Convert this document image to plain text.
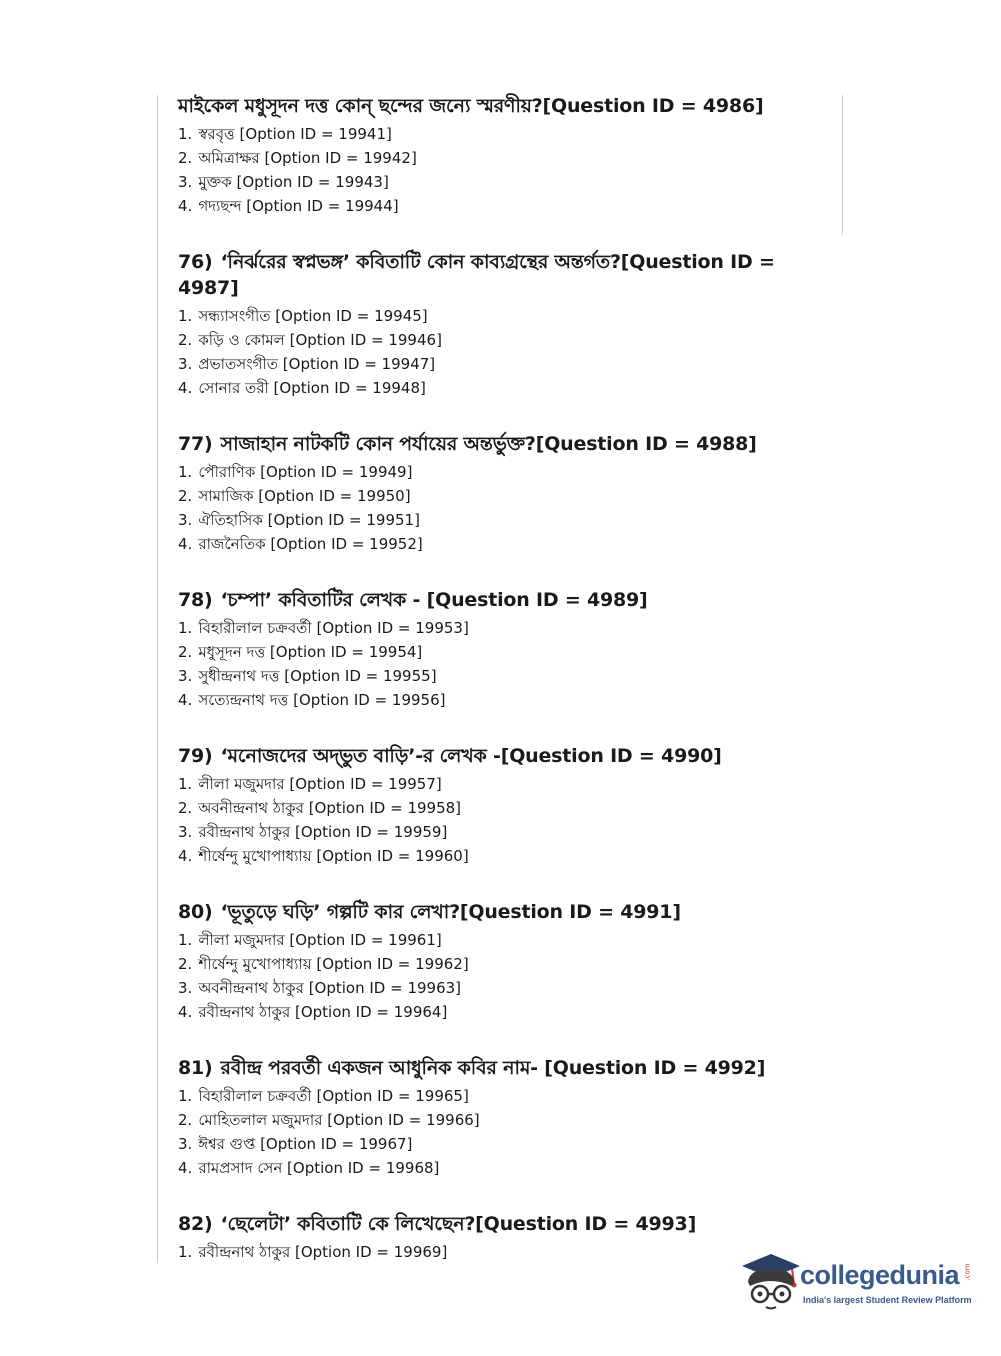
মাইকেল মধুসূদন দত্ত কোন্ ছন্দের জন্যে স্মরণীয়?[Question ID = 4986]

1. স্বরবৃত্ত [Option ID = 19941]

2. অমিত্রাক্ষর [Option ID = 19942]

3. মুক্তক [Option ID = 19943]

4. গদ্যছন্দ [Option ID = 19944]

76) ‘নির্ঝরের স্বপ্নভঙ্গ’ কবিতাটি কোন কাব্যগ্রন্থের অন্তর্গত?[Question ID = 4987]

1. সন্ধ্যাসংগীত [Option ID = 19945]

2. কড়ি ও কোমল [Option ID = 19946]

3. প্রভাতসংগীত [Option ID = 19947]

4. সোনার তরী [Option ID = 19948]

77) সাজাহান নাটকটি কোন পর্যায়ের অন্তর্ভুক্ত?[Question ID = 4988]

1. পৌরাণিক [Option ID = 19949]

2. সামাজিক [Option ID = 19950]

3. ঐতিহাসিক [Option ID = 19951]

4. রাজনৈতিক [Option ID = 19952]

78) ‘চম্পা’ কবিতাটির লেখক - [Question ID = 4989]

1. বিহারীলাল চক্রবর্তী [Option ID = 19953]

2. মধুসূদন দত্ত [Option ID = 19954]

3. সুধীন্দ্রনাথ দত্ত [Option ID = 19955]

4. সত্যেন্দ্রনাথ দত্ত [Option ID = 19956]

79) ‘মনোজদের অদ্‌ভুত বাড়ি’-র লেখক -[Question ID = 4990]

1. লীলা মজুমদার [Option ID = 19957]

2. অবনীন্দ্রনাথ ঠাকুর [Option ID = 19958]

3. রবীন্দ্রনাথ ঠাকুর [Option ID = 19959]

4. শীর্ষেন্দু মুখোপাধ্যায় [Option ID = 19960]

80) ‘ভূতুড়ে ঘড়ি’ গল্পটি কার লেখা?[Question ID = 4991]

1. লীলা মজুমদার [Option ID = 19961]

2. শীর্ষেন্দু মুখোপাধ্যায় [Option ID = 19962]

3. অবনীন্দ্রনাথ ঠাকুর [Option ID = 19963]

4. রবীন্দ্রনাথ ঠাকুর [Option ID = 19964]

81) রবীন্দ্র পরবর্তী একজন আধুনিক কবির নাম- [Question ID = 4992]

1. বিহারীলাল চক্রবর্তী [Option ID = 19965]

2. মোহিতলাল মজুমদার [Option ID = 19966]

3. ঈশ্বর গুপ্ত [Option ID = 19967]

4. রামপ্রসাদ সেন [Option ID = 19968]

82) ‘ছেলেটা’ কবিতাটি কে লিখেছেন?[Question ID = 4993]

1. রবীন্দ্রনাথ ঠাকুর [Option ID = 19969]

collegedunia .com
India's largest Student Review Platform
